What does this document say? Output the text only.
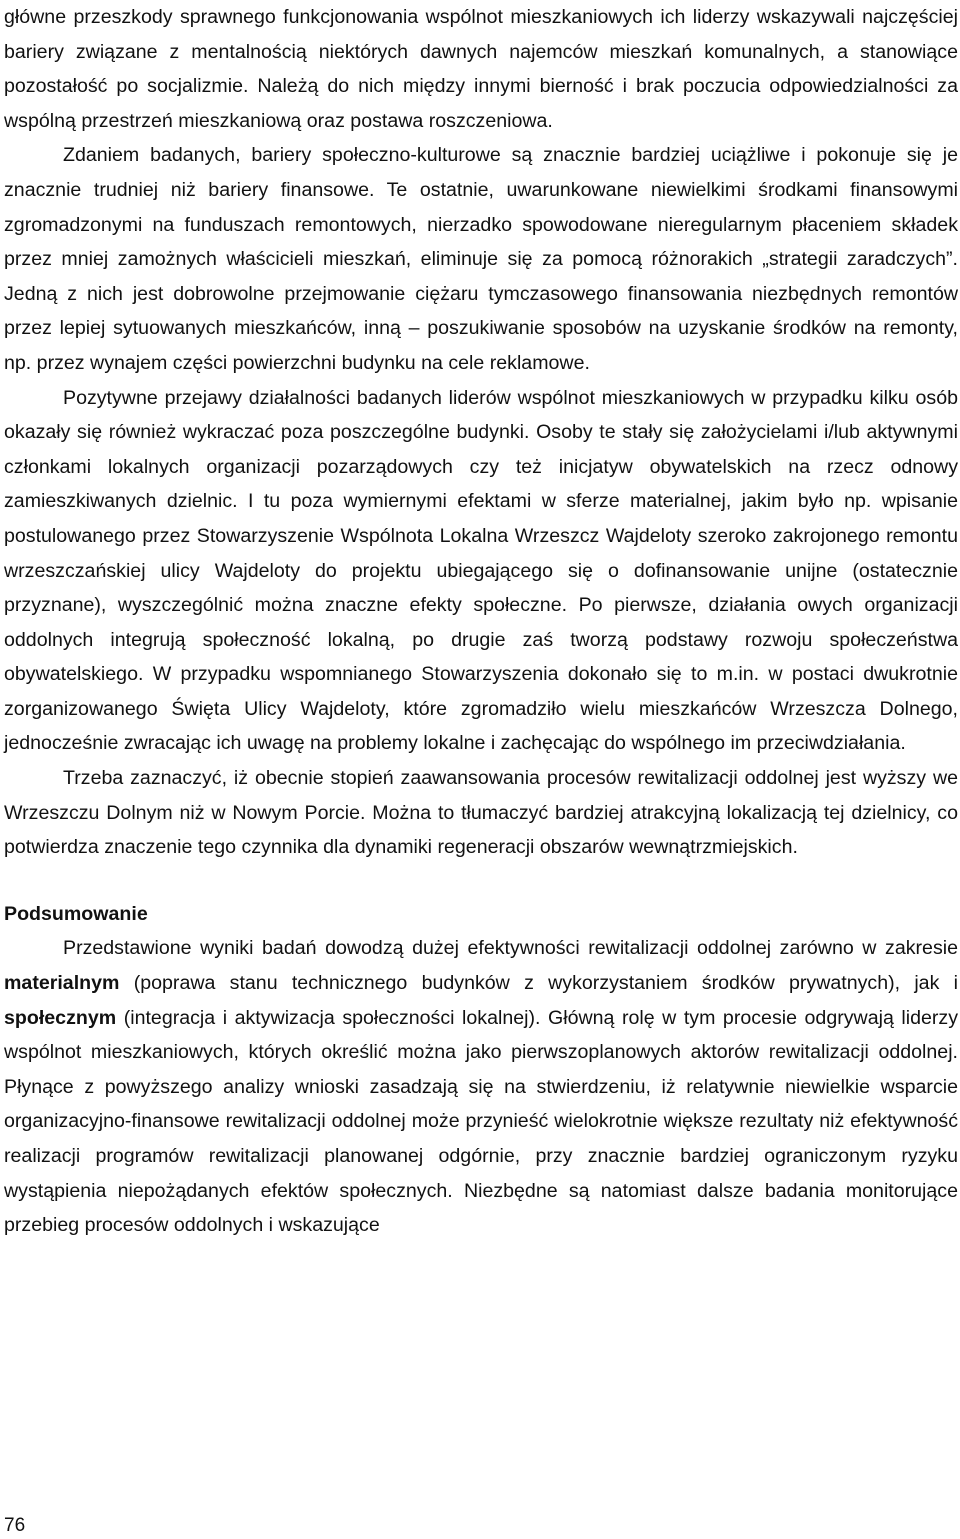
główne przeszkody sprawnego funkcjonowania wspólnot mieszkaniowych ich liderzy wskazywali najczęściej bariery związane z mentalnością niektórych dawnych najemców mieszkań komunalnych, a stanowiące pozostałość po socjalizmie. Należą do nich między innymi bierność i brak poczucia odpowiedzialności za wspólną przestrzeń mieszkaniową oraz postawa roszczeniowa.

Zdaniem badanych, bariery społeczno-kulturowe są znacznie bardziej uciążliwe i pokonuje się je znacznie trudniej niż bariery finansowe. Te ostatnie, uwarunkowane niewielkimi środkami finansowymi zgromadzonymi na funduszach remontowych, nierzadko spowodowane nieregularnym płaceniem składek przez mniej zamożnych właścicieli mieszkań, eliminuje się za pomocą różnorakich „strategii zaradczych”. Jedną z nich jest dobrowolne przejmowanie ciężaru tymczasowego finansowania niezbędnych remontów przez lepiej sytuowanych mieszkańców, inną – poszukiwanie sposobów na uzyskanie środków na remonty, np. przez wynajem części powierzchni budynku na cele reklamowe.

Pozytywne przejawy działalności badanych liderów wspólnot mieszkaniowych w przypadku kilku osób okazały się również wykraczać poza poszczególne budynki. Osoby te stały się założycielami i/lub aktywnymi członkami lokalnych organizacji pozarządowych czy też inicjatyw obywatelskich na rzecz odnowy zamieszkiwanych dzielnic. I tu poza wymiernymi efektami w sferze materialnej, jakim było np. wpisanie postulowanego przez Stowarzyszenie Wspólnota Lokalna Wrzeszcz Wajdeloty szeroko zakrojonego remontu wrzeszczańskiej ulicy Wajdeloty do projektu ubiegającego się o dofinansowanie unijne (ostatecznie przyznane), wyszczególnić można znaczne efekty społeczne. Po pierwsze, działania owych organizacji oddolnych integrują społeczność lokalną, po drugie zaś tworzą podstawy rozwoju społeczeństwa obywatelskiego. W przypadku wspomnianego Stowarzyszenia dokonało się to m.in. w postaci dwukrotnie zorganizowanego Święta Ulicy Wajdeloty, które zgromadziło wielu mieszkańców Wrzeszcza Dolnego, jednocześnie zwracając ich uwagę na problemy lokalne i zachęcając do wspólnego im przeciwdziałania.

Trzeba zaznaczyć, iż obecnie stopień zaawansowania procesów rewitalizacji oddolnej jest wyższy we Wrzeszczu Dolnym niż w Nowym Porcie. Można to tłumaczyć bardziej atrakcyjną lokalizacją tej dzielnicy, co potwierdza znaczenie tego czynnika dla dynamiki regeneracji obszarów wewnątrzmiejskich.

Podsumowanie

Przedstawione wyniki badań dowodzą dużej efektywności rewitalizacji oddolnej zarówno w zakresie materialnym (poprawa stanu technicznego budynków z wykorzystaniem środków prywatnych), jak i społecznym (integracja i aktywizacja społeczności lokalnej). Główną rolę w tym procesie odgrywają liderzy wspólnot mieszkaniowych, których określić można jako pierwszoplanowych aktorów rewitalizacji oddolnej. Płynące z powyższego analizy wnioski zasadzają się na stwierdzeniu, iż relatywnie niewielkie wsparcie organizacyjno-finansowe rewitalizacji oddolnej może przynieść wielokrotnie większe rezultaty niż efektywność realizacji programów rewitalizacji planowanej odgórnie, przy znacznie bardziej ograniczonym ryzyku wystąpienia niepożądanych efektów społecznych. Niezbędne są natomiast dalsze badania monitorujące przebieg procesów oddolnych i wskazujące

76
